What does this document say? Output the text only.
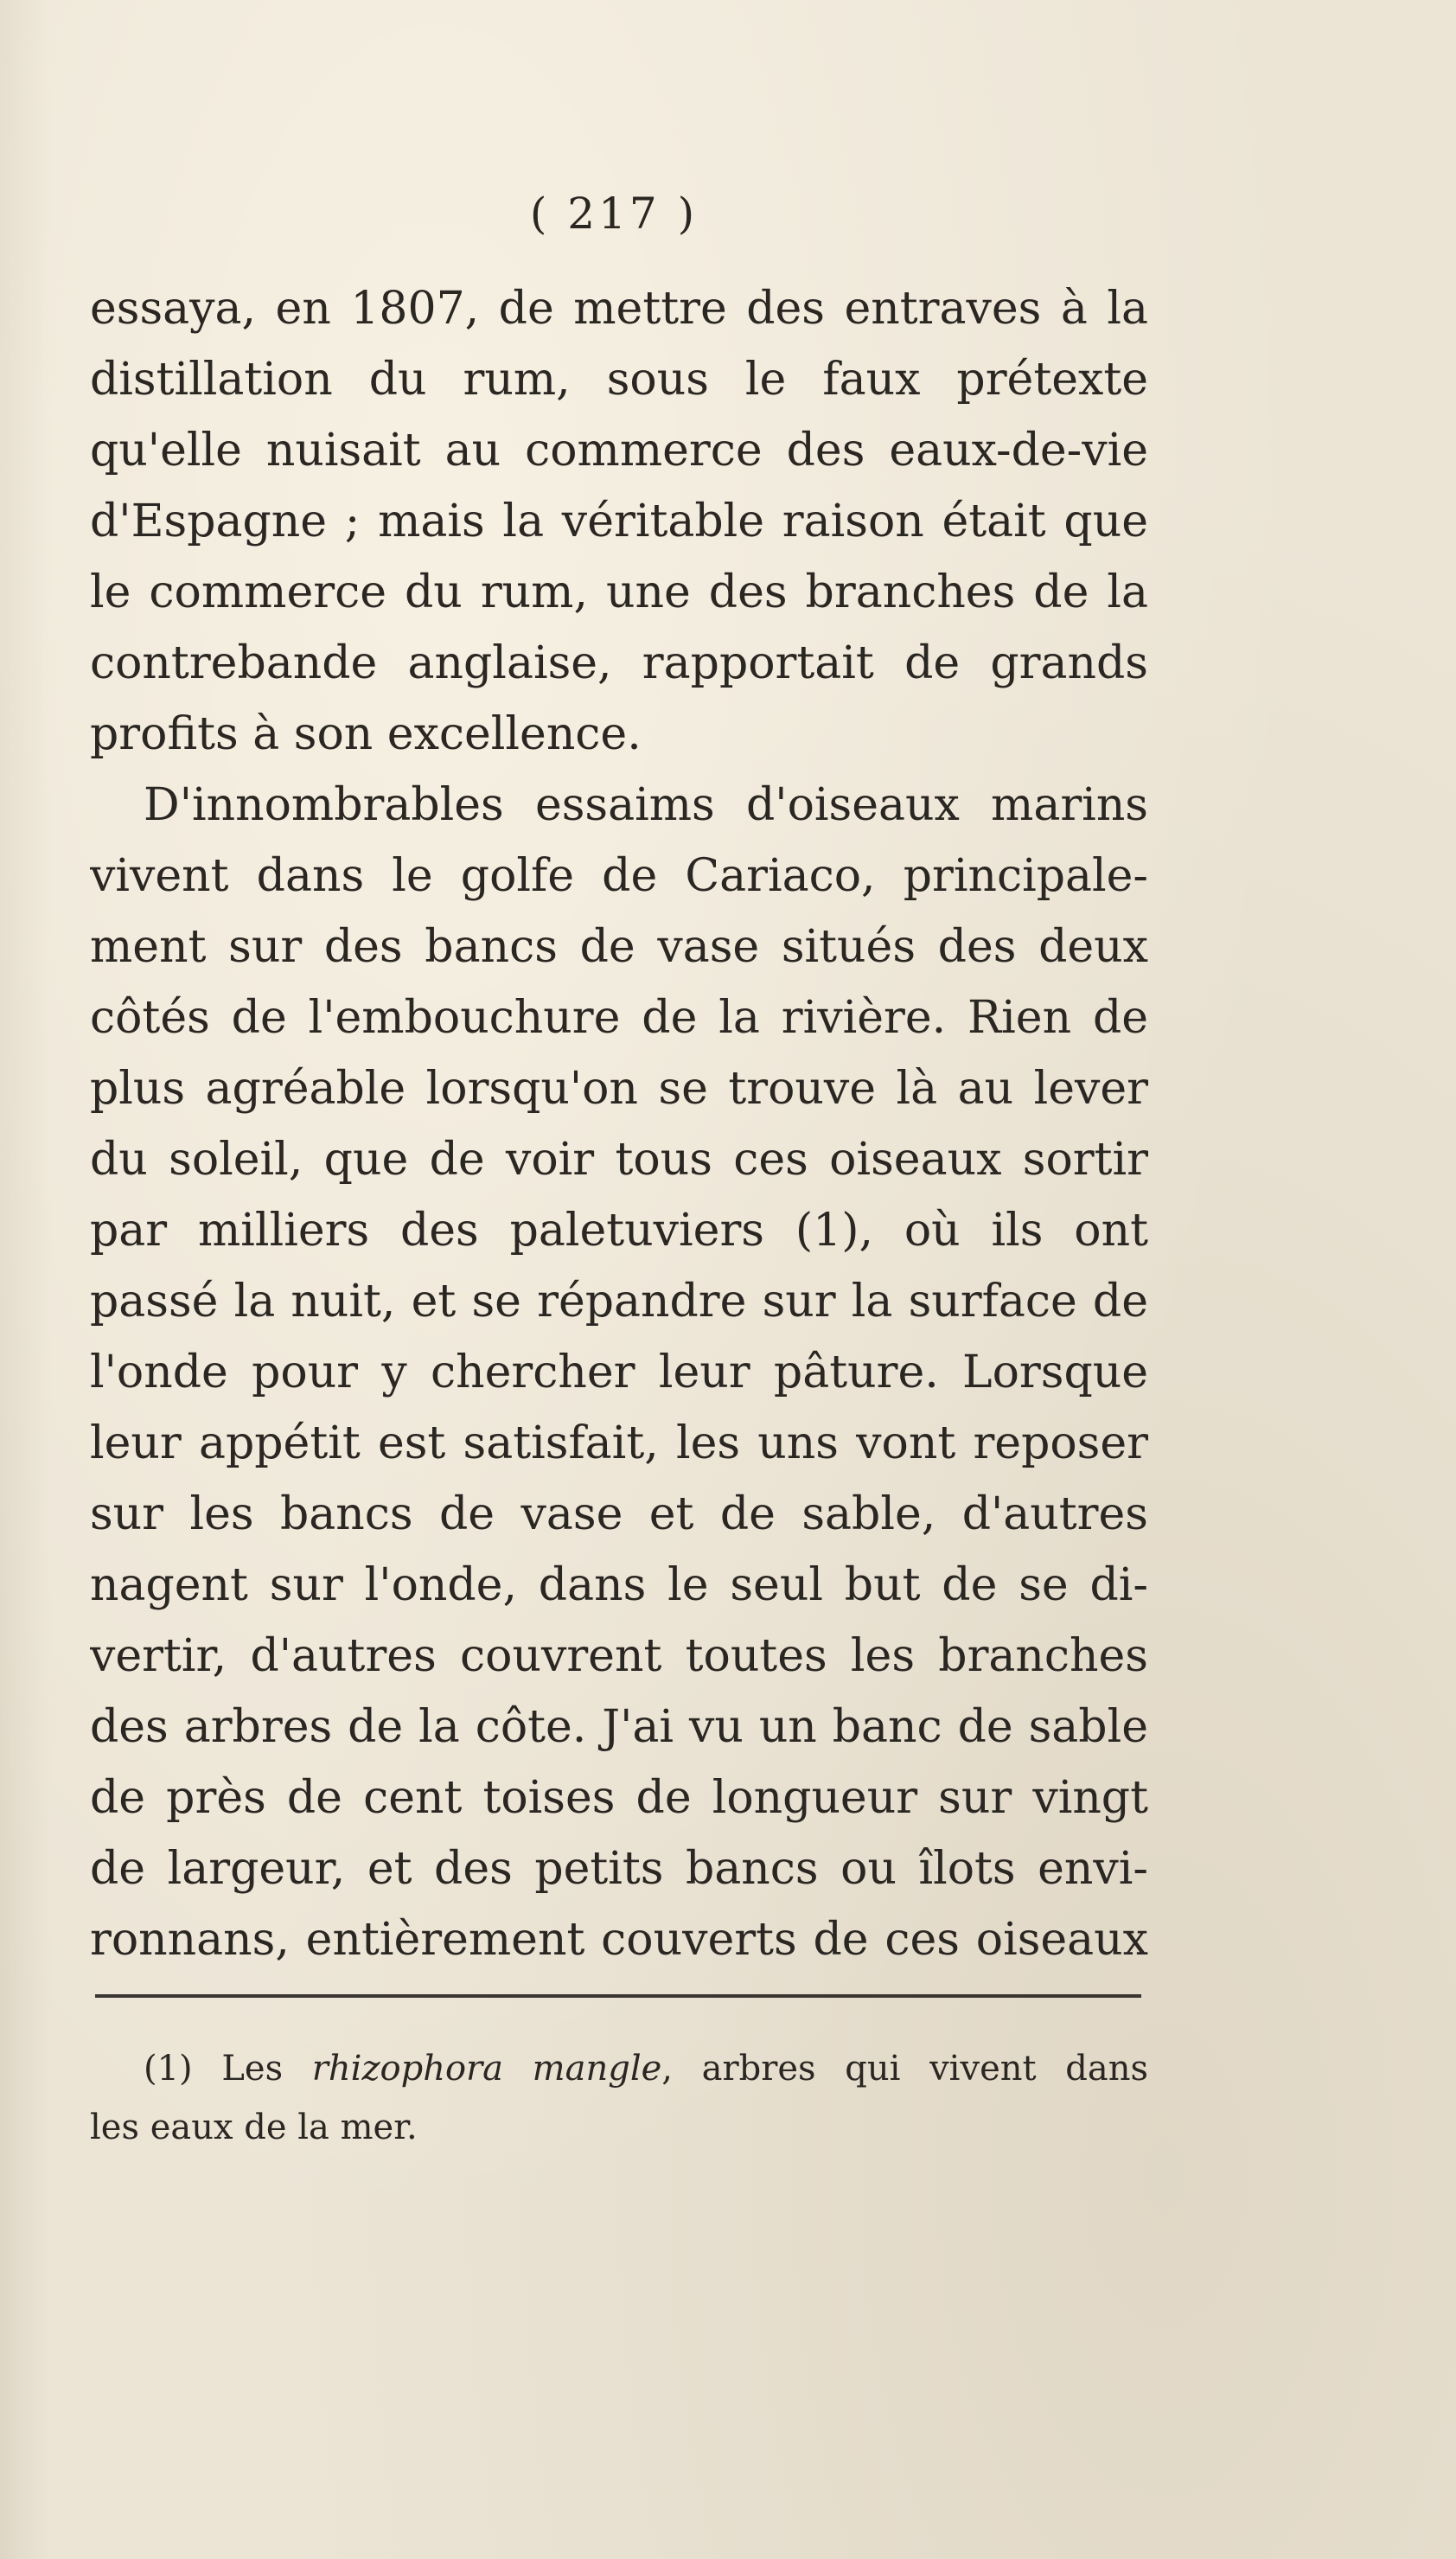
( 217 )
essaya, en 1807, de mettre des entraves à la
distillation du rum, sous le faux prétexte
qu'elle nuisait au commerce des eaux-de-vie
d'Espagne ; mais la véritable raison était que
le commerce du rum, une des branches de la
contrebande anglaise, rapportait de grands
profits à son excellence.
D'innombrables essaims d'oiseaux marins
vivent dans le golfe de Cariaco, principale-
ment sur des bancs de vase situés des deux
côtés de l'embouchure de la rivière. Rien de
plus agréable lorsqu'on se trouve là au lever
du soleil, que de voir tous ces oiseaux sortir
par milliers des paletuviers (1), où ils ont
passé la nuit, et se répandre sur la surface de
l'onde pour y chercher leur pâture. Lorsque
leur appétit est satisfait, les uns vont reposer
sur les bancs de vase et de sable, d'autres
nagent sur l'onde, dans le seul but de se di-
vertir, d'autres couvrent toutes les branches
des arbres de la côte. J'ai vu un banc de sable
de près de cent toises de longueur sur vingt
de largeur, et des petits bancs ou îlots envi-
ronnans, entièrement couverts de ces oiseaux
(1) Les rhizophora mangle, arbres qui vivent dans
les eaux de la mer.
